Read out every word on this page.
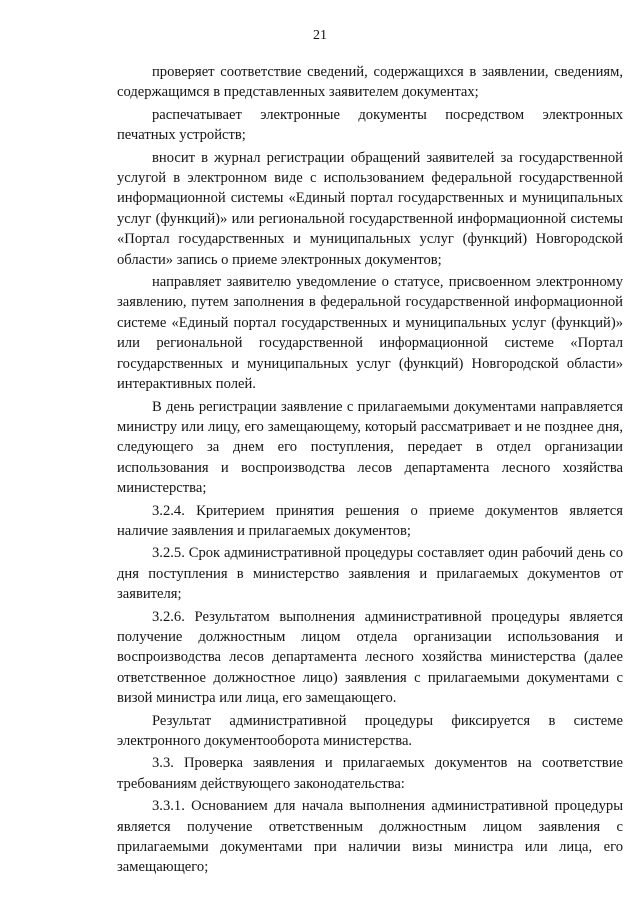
21

проверяет соответствие сведений, содержащихся в заявлении, сведениям, содержащимся в представленных заявителем документах;

распечатывает электронные документы посредством электронных печатных устройств;

вносит в журнал регистрации обращений заявителей за государственной услугой в электронном виде с использованием федеральной государственной информационной системы «Единый портал государственных и муниципальных услуг (функций)» или региональной государственной информационной системы «Портал государственных и муниципальных услуг (функций) Новгородской области» запись о приеме электронных документов;

направляет заявителю уведомление о статусе, присвоенном электронному заявлению, путем заполнения в федеральной государственной информационной системе «Единый портал государственных и муниципальных услуг (функций)» или региональной государственной информационной системе «Портал государственных и муниципальных услуг (функций) Новгородской области» интерактивных полей.

В день регистрации заявление с прилагаемыми документами направляется министру или лицу, его замещающему, который рассматривает и не позднее дня, следующего за днем его поступления, передает в отдел организации использования и воспроизводства лесов департамента лесного хозяйства министерства;

3.2.4. Критерием принятия решения о приеме документов является наличие заявления и прилагаемых документов;

3.2.5. Срок административной процедуры составляет один рабочий день со дня поступления в министерство заявления и прилагаемых документов от заявителя;

3.2.6. Результатом выполнения административной процедуры является получение должностным лицом отдела организации использования и воспроизводства лесов департамента лесного хозяйства министерства (далее ответственное должностное лицо) заявления с прилагаемыми документами с визой министра или лица, его замещающего.

Результат административной процедуры фиксируется в системе электронного документооборота министерства.

3.3. Проверка заявления и прилагаемых документов на соответствие требованиям действующего законодательства:

3.3.1. Основанием для начала выполнения административной процедуры является получение ответственным должностным лицом заявления с прилагаемыми документами при наличии визы министра или лица, его замещающего;
